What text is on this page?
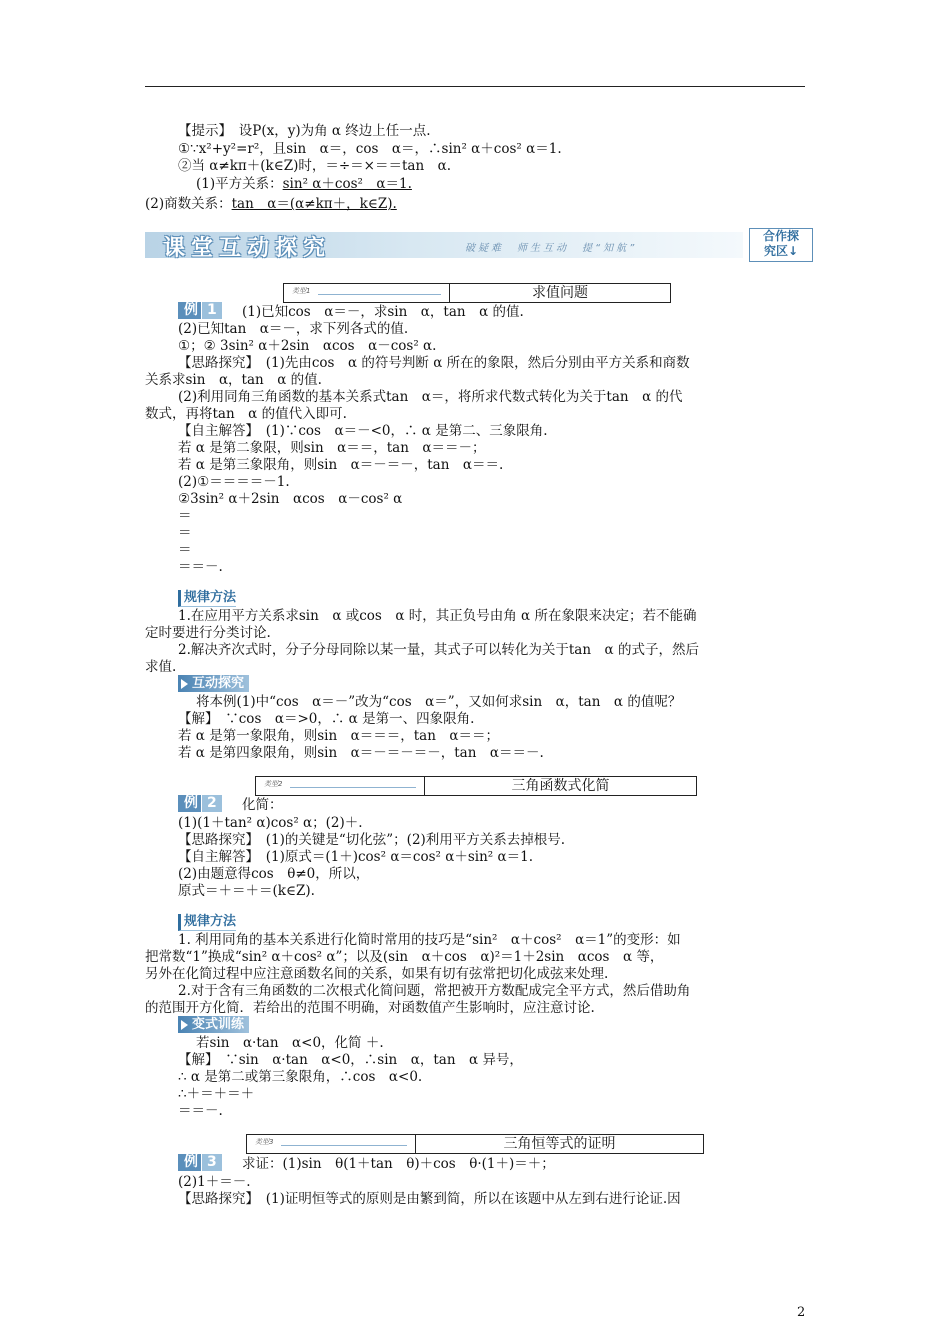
【提示】　设P(x，y)为角 α 终边上任一点.
①∵x²+y²=r²，且sin　α＝，cos　α＝，∴sin² α＋cos² α＝1.
②当 α≠kπ＋(k∈Z)时，＝÷＝×＝＝tan　α.
(1)平方关系：sin² α＋cos²　α＝1.
(2)商数关系：tan　α＝(α≠kπ＋，k∈Z).
课堂互动探究	破疑难　师生互动　提“知航”
合作探
究区↓
类型1	求值问题
例 1	(1)已知cos　α＝－，求sin　α，tan　α 的值.
(2)已知tan　α＝－，求下列各式的值.
①；② 3sin² α＋2sin　αcos　α－cos² α.
【思路探究】　(1)先由cos　α 的符号判断 α 所在的象限，然后分别由平方关系和商数
关系求sin　α，tan　α 的值.
(2)利用同角三角函数的基本关系式tan　α＝，将所求代数式转化为关于tan　α 的代
数式，再将tan　α 的值代入即可.
【自主解答】　(1)∵cos　α＝－<0，∴ α 是第二、三象限角.
若 α 是第二象限，则sin　α＝＝，tan　α＝＝－；
若 α 是第三象限角，则sin　α＝－＝－，tan　α＝＝.
(2)①＝＝＝＝－1.
②3sin² α＋2sin　αcos　α－cos² α
＝
＝
＝
＝＝－.
规律方法
1.在应用平方关系求sin　α 或cos　α 时，其正负号由角 α 所在象限来决定；若不能确
定时要进行分类讨论.
2.解决齐次式时，分子分母同除以某一量，其式子可以转化为关于tan　α 的式子，然后
求值.
互动探究
将本例(1)中“cos　α＝－”改为“cos　α＝”，又如何求sin　α，tan　α 的值呢？
【解】　∵cos　α＝>0，∴ α 是第一、四象限角.
若 α 是第一象限角，则sin　α＝＝＝，tan　α＝＝；
若 α 是第四象限角，则sin　α＝－＝－＝－，tan　α＝＝－.
类型2	三角函数式化简
例 2	化简：
(1)(1＋tan² α)cos² α；(2)＋.
【思路探究】　(1)的关键是“切化弦”；(2)利用平方关系去掉根号.
【自主解答】　(1)原式＝(1＋)cos² α＝cos² α＋sin² α＝1.
(2)由题意得cos　θ≠0，所以，
原式＝＋＝＋＝(k∈Z).
规律方法
1. 利用同角的基本关系进行化简时常用的技巧是“sin²　α＋cos²　α＝1”的变形：如
把常数“1”换成“sin² α＋cos² α”；以及(sin　α＋cos　α)²＝1＋2sin　αcos　α 等，
另外在化简过程中应注意函数名间的关系，如果有切有弦常把切化成弦来处理.
2.对于含有三角函数的二次根式化简问题，常把被开方数配成完全平方式，然后借助角
的范围开方化简．若给出的范围不明确，对函数值产生影响时，应注意讨论.
变式训练
若sin　α·tan　α<0，化简 ＋.
【解】　∵sin　α·tan　α<0，∴sin　α，tan　α 异号，
∴ α 是第二或第三象限角，∴cos　α<0.
∴＋＝＋＝＋
＝＝－.
类型3	三角恒等式的证明
例 3	求证：(1)sin　θ(1＋tan　θ)＋cos　θ·(1＋)＝＋；
(2)1＋＝－.
【思路探究】　(1)证明恒等式的原则是由繁到简，所以在该题中从左到右进行论证.因
2
